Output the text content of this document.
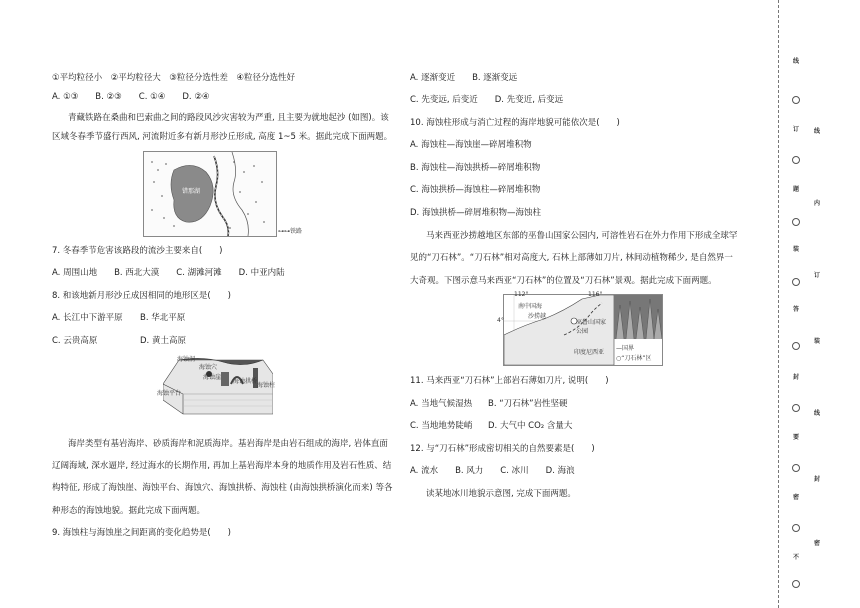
①平均粒径小　②平均粒径大　③粒径分选性差　④粒径分选性好
A. ①③　　B. ②③　　C. ①④　　D. ②④
青藏铁路在桑曲和巴索曲之间的路段风沙灾害较为严重, 且主要为就地起沙 (如图)。该
区域冬春季节盛行西风, 河流附近多有新月形沙丘形成, 高度 1~5 米。据此完成下面两题。
错那湖
⊶⊶铁路
7. 冬春季节危害该路段的流沙主要来自(　　)
A. 周围山地　　B. 西北大漠　　C. 湖滩河滩　　D. 中亚内陆
8. 和该地新月形沙丘成因相同的地形区是(　　)
A. 长江中下游平原 B. 华北平原
C. 云贵高原	D. 黄土高原
海蚀洞
海蚀穴
海蚀崖
海蚀拱桥
海蚀柱
海蚀平台
海岸类型有基岩海岸、砂质海岸和泥质海岸。基岩海岸是由岩石组成的海岸, 岩体直面
辽阔海域, 深水逼岸, 经过海水的长期作用, 再加上基岩海岸本身的地质作用及岩石性质、结
构特征, 形成了海蚀崖、海蚀平台、海蚀穴、海蚀拱桥、海蚀柱 (由海蚀拱桥演化而来) 等各
种形态的海蚀地貌。据此完成下面两题。
9. 海蚀柱与海蚀崖之间距离的变化趋势是(　　)
A. 逐渐变近　　B. 逐渐变远
C. 先变远, 后变近　　D. 先变近, 后变远
10. 海蚀柱形成与消亡过程的海岸地貌可能依次是(　　)
A. 海蚀柱—海蚀崖—碎屑堆积物
B. 海蚀柱—海蚀拱桥—碎屑堆积物
C. 海蚀拱桥—海蚀柱—碎屑堆积物
D. 海蚀拱桥—碎屑堆积物—海蚀柱
马来西亚沙捞越地区东部的巫鲁山国家公园内, 可溶性岩石在外力作用下形成全球罕
见的“刀石林”。“刀石林”相对高度大, 石林上部薄如刀片, 林间动植物稀少, 是自然界一
大奇观。下图示意马来西亚“刀石林”的位置及“刀石林”景观。据此完成下面两题。
南中国海
沙捞越
巫鲁山国家公园
印度尼西亚
—国界
○“刀石林”区
112°	116°
4°
11. 马来西亚“刀石林”上部岩石薄如刀片, 说明(　　)
A. 当地气候湿热 B. “刀石林”岩性坚硬
C. 当地地势陡峭 D. 大气中 CO₂ 含量大
12. 与“刀石林”形成密切相关的自然要素是(　　)
A. 流水　　B. 风力　　C. 冰川　　D. 海浪
读某地冰川地貌示意图, 完成下面两题。
线
订
题
装
答
封
要
密
不
线
内
订
装
线
封
密
